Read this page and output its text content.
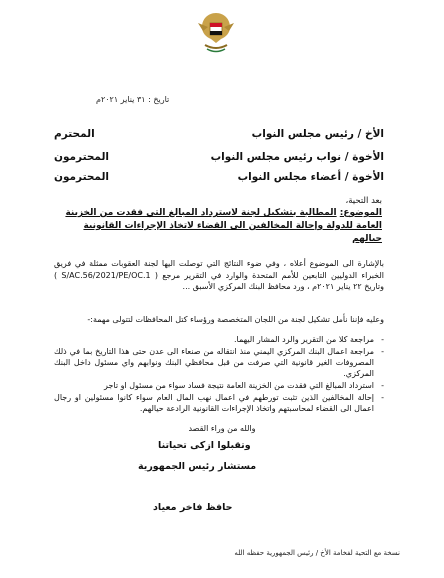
تاريخ : ٣١ يناير ٢٠٢١م
الأخ / رئيس مجلس النواب
المحترم
الأخوة / نواب رئيس مجلس النواب
المحترمون
الأخوة / أعضاء مجلس النواب
المحترمون
بعد التحية،
الموضوع: المطالبة بتشكيل لجنة لاسترداد المبالغ التي فقدت من الخزينة العامة للدولة وإحالة المخالفين الى القضاء لاتخاذ الإجراءات القانونية حيالهم
بالإشارة الى الموضوع أعلاه ، وفي ضوء النتائج التي توصلت اليها لجنة العقوبات ممثلة في فريق الخبراء الدوليين التابعين للأمم المتحدة والوارد في التقرير مرجع ( S/AC.56/2021/PE/OC.1 ) وتاريخ ٢٢ يناير ٢٠٢١م ، ورد محافظ البنك المركزي الأسبق ...
وعليه فإننا نأمل تشكيل لجنة من اللجان المتخصصة ورؤساء كتل المحافظات لتتولى مهمة:-
- مراجعة كلا من التقرير والرد المشار اليهما.
- مراجعة اعمال البنك المركزي اليمني منذ انتقاله من صنعاء الى عدن حتى هذا التاريخ بما في ذلك المصروفات الغير قانونية التي صرفت من قبل محافظي البنك ونوابهم واي مسئول داخل البنك المركزي.
- استرداد المبالغ التي فقدت من الخزينة العامة نتيجة فساد سواء من مسئول او تاجر
- إحالة المخالفين الذين تثبت تورطهم في اعمال نهب المال العام سواء كانوا مسئولين او رجال اعمال الى القضاء لمحاسبتهم واتخاذ الإجراءات القانونية الرادعة حيالهم.
والله من وراء القصد
وتقبلوا ازكى تحياتنا
مستشار رئيس الجمهورية
حافظ فاخر معياد
نسخة مع التحية لفخامة الأخ / رئيس الجمهورية حفظه الله
